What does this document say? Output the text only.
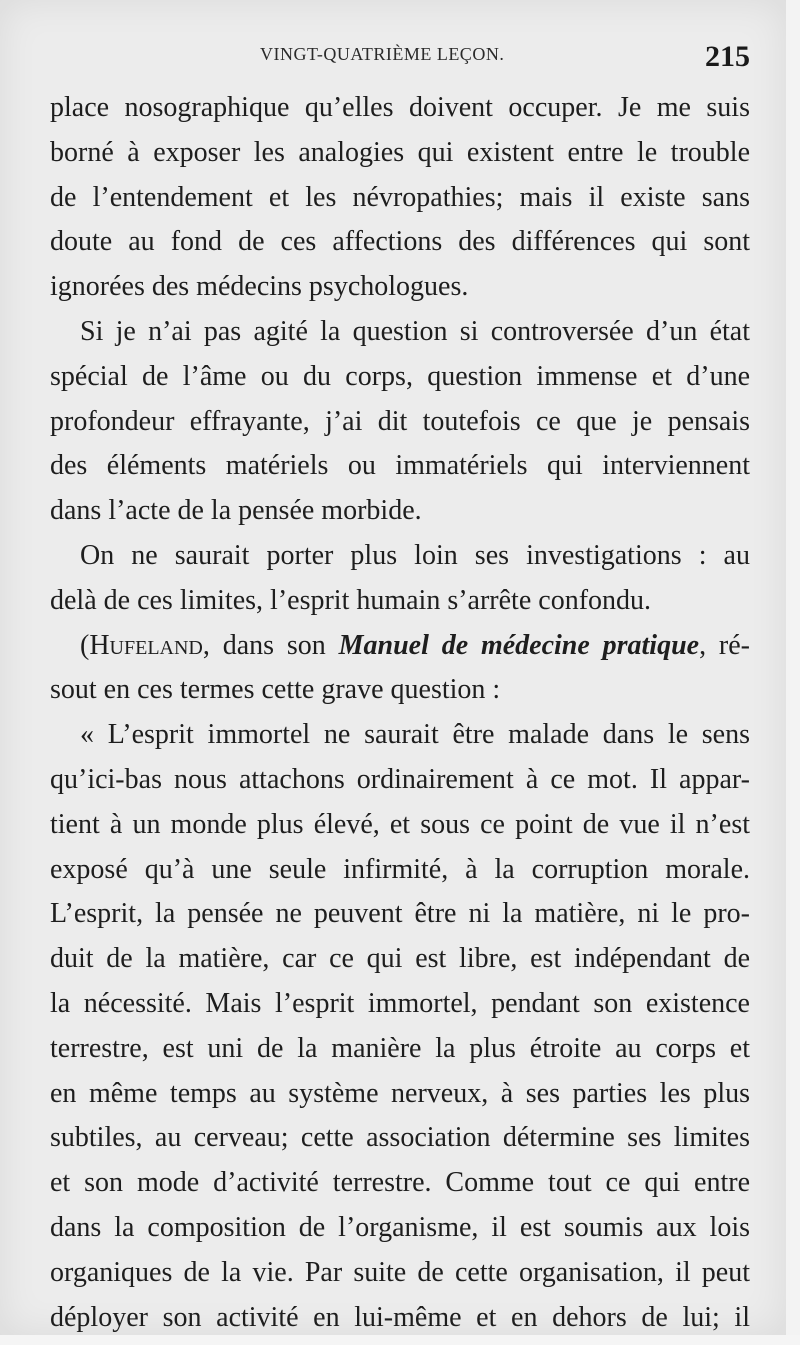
VINGT-QUATRIÈME LEÇON.	215
place nosographique qu’elles doivent occuper. Je me suis
borné à exposer les analogies qui existent entre le trouble
de l’entendement et les névropathies; mais il existe sans
doute au fond de ces affections des différences qui sont
ignorées des médecins psychologues.
Si je n’ai pas agité la question si controversée d’un état
spécial de l’âme ou du corps, question immense et d’une
profondeur effrayante, j’ai dit toutefois ce que je pensais
des éléments matériels ou immatériels qui interviennent
dans l’acte de la pensée morbide.
On ne saurait porter plus loin ses investigations : au
delà de ces limites, l’esprit humain s’arrête confondu.
(Hufeland, dans son Manuel de médecine pratique, ré-
sout en ces termes cette grave question :
« L’esprit immortel ne saurait être malade dans le sens
qu’ici-bas nous attachons ordinairement à ce mot. Il appar-
tient à un monde plus élevé, et sous ce point de vue il n’est
exposé qu’à une seule infirmité, à la corruption morale.
L’esprit, la pensée ne peuvent être ni la matière, ni le pro-
duit de la matière, car ce qui est libre, est indépendant de
la nécessité. Mais l’esprit immortel, pendant son existence
terrestre, est uni de la manière la plus étroite au corps et
en même temps au système nerveux, à ses parties les plus
subtiles, au cerveau; cette association détermine ses limites
et son mode d’activité terrestre. Comme tout ce qui entre
dans la composition de l’organisme, il est soumis aux lois
organiques de la vie. Par suite de cette organisation, il peut
déployer son activité en lui-même et en dehors de lui; il
